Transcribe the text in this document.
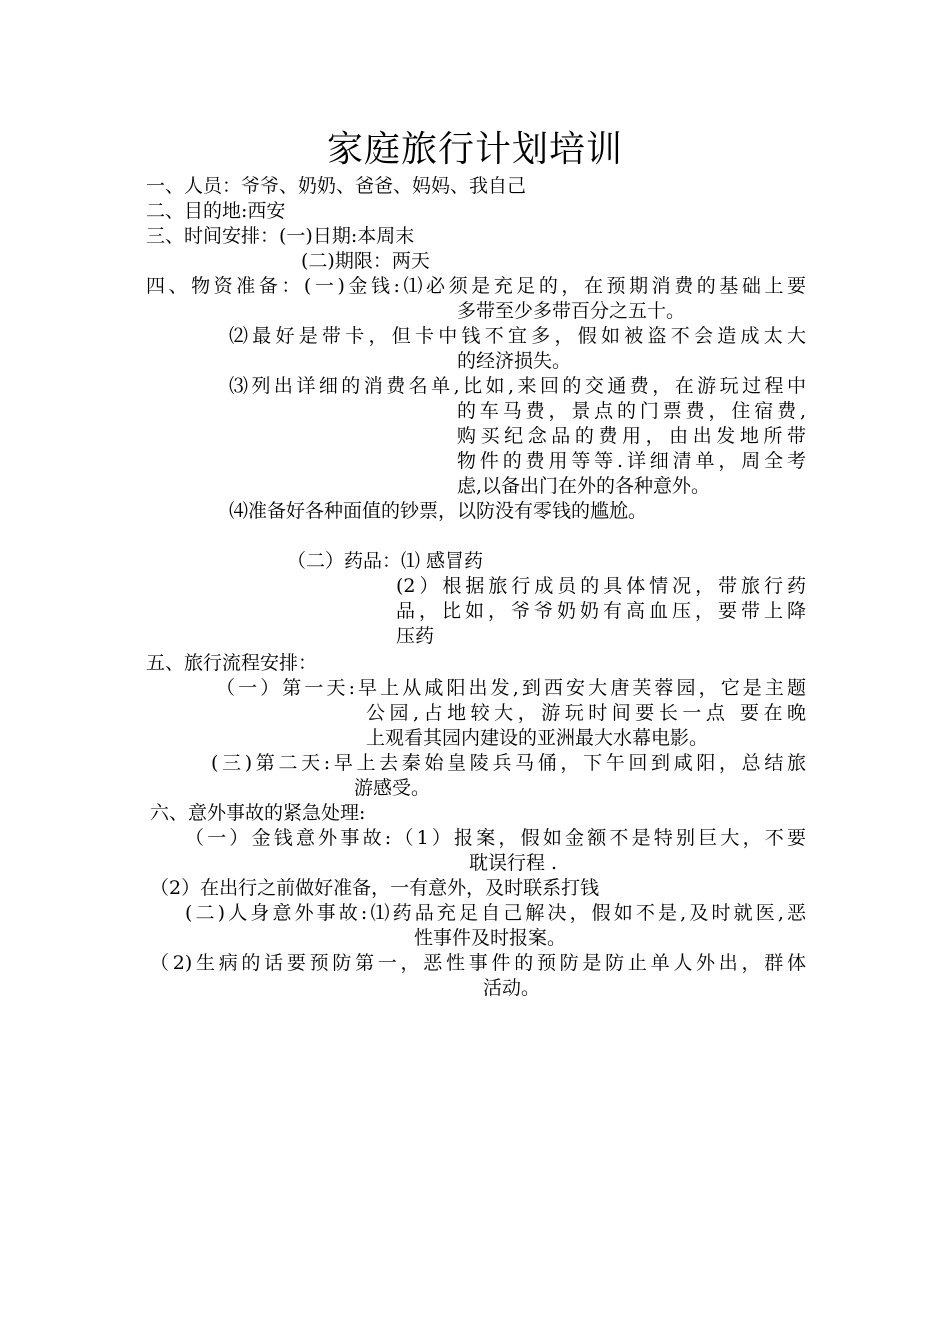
家庭旅行计划培训
一、人员：爷爷、奶奶、爸爸、妈妈、我自己
二、目的地:西安
三、时间安排：(一)日期:本周末
(二)期限：两天
四、物资准备：(一)金钱:⑴必须是充足的，在预期消费的基础上要
多带至少多带百分之五十。
⑵最好是带卡，但卡中钱不宜多，假如被盗不会造成太大
的经济损失。
⑶列出详细的消费名单,比如,来回的交通费，在游玩过程中
的车马费，景点的门票费，住宿费,
购买纪念品的费用，由出发地所带
物件的费用等等.详细清单，周全考
虑,以备出门在外的各种意外。
⑷准备好各种面值的钞票，以防没有零钱的尴尬。
（二）药品：⑴ 感冒药
(2）根据旅行成员的具体情况，带旅行药
品，比如，爷爷奶奶有高血压，要带上降
压药
五、旅行流程安排：
（一）第一天:早上从咸阳出发,到西安大唐芙蓉园，它是主题
公园,占地较大，游玩时间要长一点 要在晚
上观看其园内建设的亚洲最大水幕电影。
(三)第二天:早上去秦始皇陵兵马俑，下午回到咸阳，总结旅
游感受。
六、意外事故的紧急处理:
（一）金钱意外事故:（1）报案，假如金额不是特别巨大，不要
耽误行程 .
（2）在出行之前做好准备，一有意外，及时联系打钱
(二)人身意外事故:⑴药品充足自己解决，假如不是,及时就医,恶
性事件及时报案。
（2)生病的话要预防第一，恶性事件的预防是防止单人外出，群体
活动。
